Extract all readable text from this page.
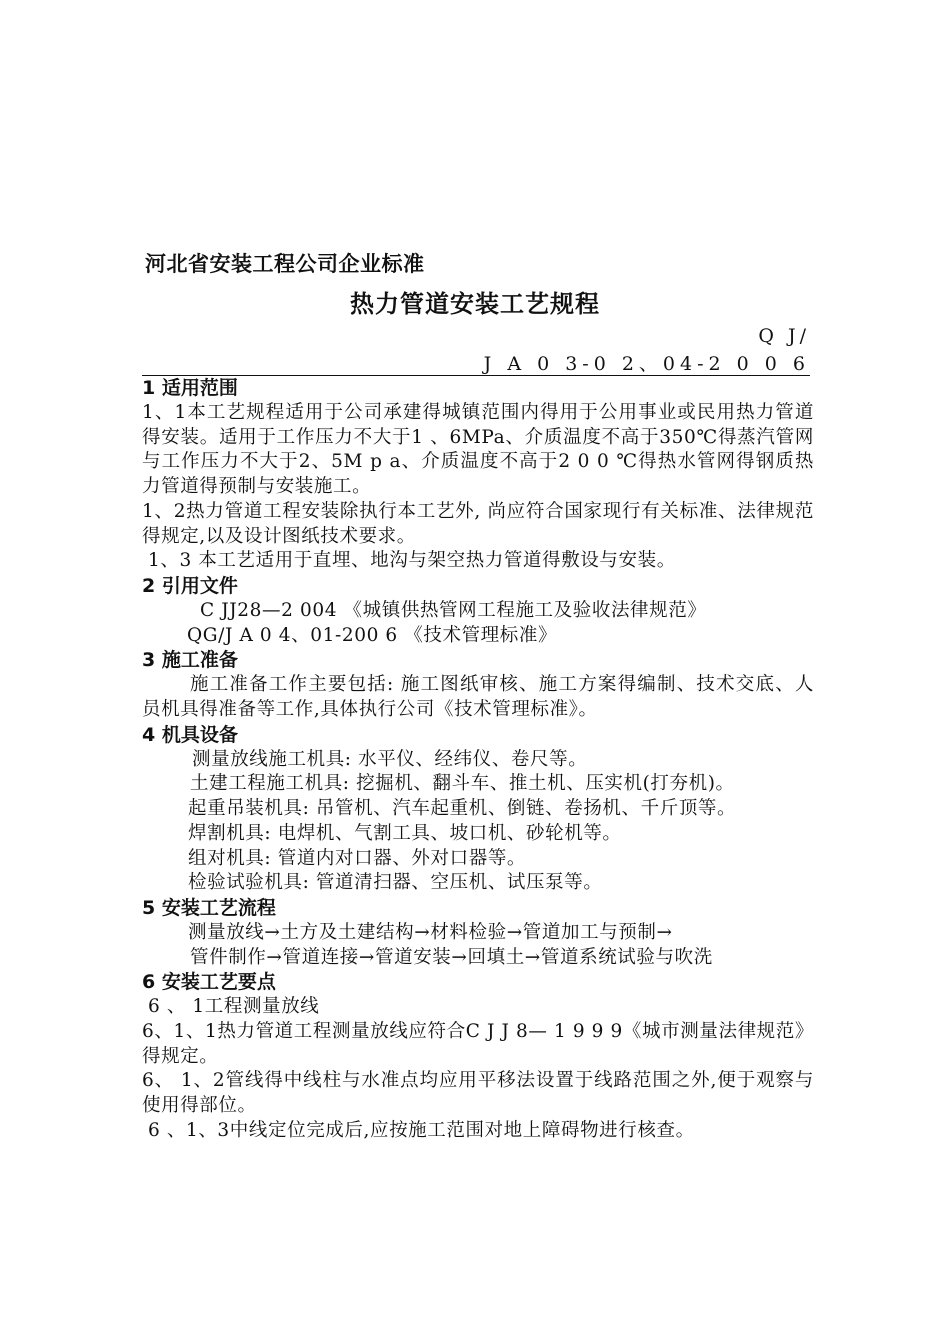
河北省安装工程公司企业标准
热力管道安装工艺规程
Q J/
J A 0 3-0 2、04-2 0 0 6
1 适用范围
1、1本工艺规程适用于公司承建得城镇范围内得用于公用事业或民用热力管道得安装。适用于工作压力不大于1 、6MPa、介质温度不高于350℃得蒸汽管网与工作压力不大于2、5M p a、介质温度不高于2 0 0 ℃得热水管网得钢质热力管道得预制与安装施工。
1、2热力管道工程安装除执行本工艺外, 尚应符合国家现行有关标准、法律规范得规定,以及设计图纸技术要求。
1、3 本工艺适用于直埋、地沟与架空热力管道得敷设与安装。
2 引用文件
C JJ28—2 004 《城镇供热管网工程施工及验收法律规范》
QG/J A 0 4、01-200 6 《技术管理标准》
3 施工准备
施工准备工作主要包括: 施工图纸审核、施工方案得编制、技术交底、人员机具得准备等工作,具体执行公司《技术管理标准》。
4 机具设备
测量放线施工机具: 水平仪、经纬仪、卷尺等。
土建工程施工机具: 挖掘机、翻斗车、推土机、压实机(打夯机)。
起重吊装机具: 吊管机、汽车起重机、倒链、卷扬机、千斤顶等。
焊割机具: 电焊机、气割工具、坡口机、砂轮机等。
组对机具: 管道内对口器、外对口器等。
检验试验机具: 管道清扫器、空压机、试压泵等。
5 安装工艺流程
测量放线→土方及土建结构→材料检验→管道加工与预制→
管件制作→管道连接→管道安装→回填土→管道系统试验与吹洗
6 安装工艺要点
6 、 1工程测量放线
6、1、1热力管道工程测量放线应符合C J J 8— 1 9 9 9《城市测量法律规范》得规定。
6、 1、2管线得中线柱与水准点均应用平移法设置于线路范围之外,便于观察与使用得部位。
6 、1、3中线定位完成后,应按施工范围对地上障碍物进行核查。
